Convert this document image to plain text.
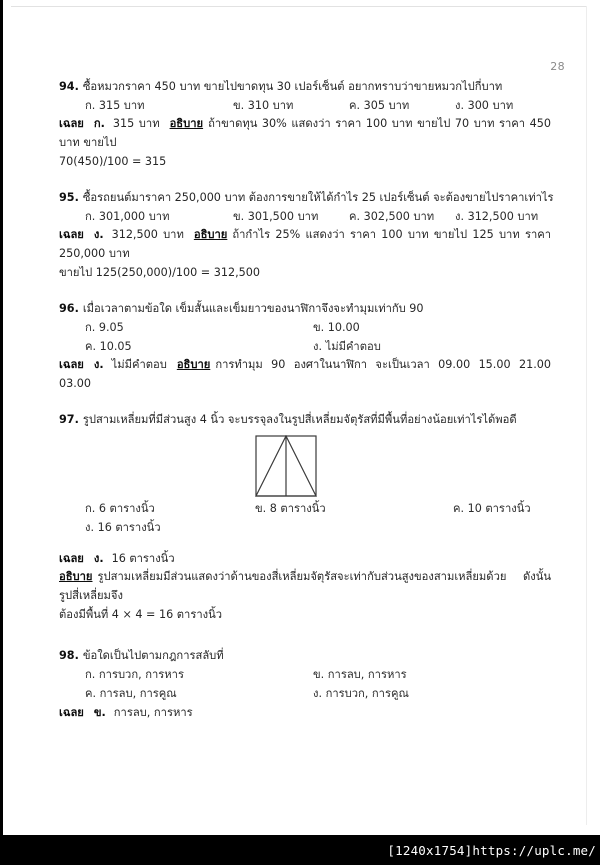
28
94. ซื้อหมวกราคา 450 บาท ขายไปขาดทุน 30 เปอร์เซ็นต์ อยากทราบว่าขายหมวกไปกี่บาท
ก. 315 บาท	ข. 310 บาท	ค. 305 บาท	ง. 300 บาท
เฉลย ก. 315 บาท อธิบาย ถ้าขาดทุน 30% แสดงว่า ราคา 100 บาท ขายไป 70 บาท ราคา 450 บาท ขายไป
70(450)/100 = 315
95. ซื้อรถยนต์มาราคา 250,000 บาท ต้องการขายให้ได้กำไร 25 เปอร์เซ็นต์ จะต้องขายไปราคาเท่าไร
ก. 301,000 บาท	ข. 301,500 บาท	ค. 302,500 บาท	ง. 312,500 บาท
เฉลย ง. 312,500 บาท อธิบาย ถ้ากำไร 25% แสดงว่า ราคา 100 บาท ขายไป 125 บาท ราคา 250,000 บาท
ขายไป 125(250,000)/100 = 312,500
96. เมื่อเวลาตามข้อใด เข็มสั้นและเข็มยาวของนาฬิกาจึงจะทำมุมเท่ากับ 90
ก. 9.05	ข. 10.00
ค. 10.05	ง. ไม่มีคำตอบ
เฉลย ง. ไม่มีคำตอบ อธิบาย การทำมุม 90 องศาในนาฬิกา จะเป็นเวลา 09.00 15.00 21.00 03.00
97. รูปสามเหลี่ยมที่มีส่วนสูง 4 นิ้ว จะบรรจุลงในรูปสี่เหลี่ยมจัตุรัสที่มีพื้นที่อย่างน้อยเท่าไรได้พอดี
ก. 6 ตารางนิ้ว	ข. 8 ตารางนิ้ว	ค. 10 ตารางนิ้ว
ง. 16 ตารางนิ้ว
เฉลย ง. 16 ตารางนิ้ว
อธิบาย รูปสามเหลี่ยมมีส่วนแสดงว่าด้านของสี่เหลี่ยมจัตุรัสจะเท่ากับส่วนสูงของสามเหลี่ยมด้วย ดังนั้น รูปสี่เหลี่ยมจึง
ต้องมีพื้นที่ 4 × 4 = 16 ตารางนิ้ว
98. ข้อใดเป็นไปตามกฎการสลับที่
ก. การบวก, การหาร	ข. การลบ, การหาร
ค. การลบ, การคูณ	ง. การบวก, การคูณ
เฉลย ข. การลบ, การหาร
[1240x1754]https://uplc.me/
